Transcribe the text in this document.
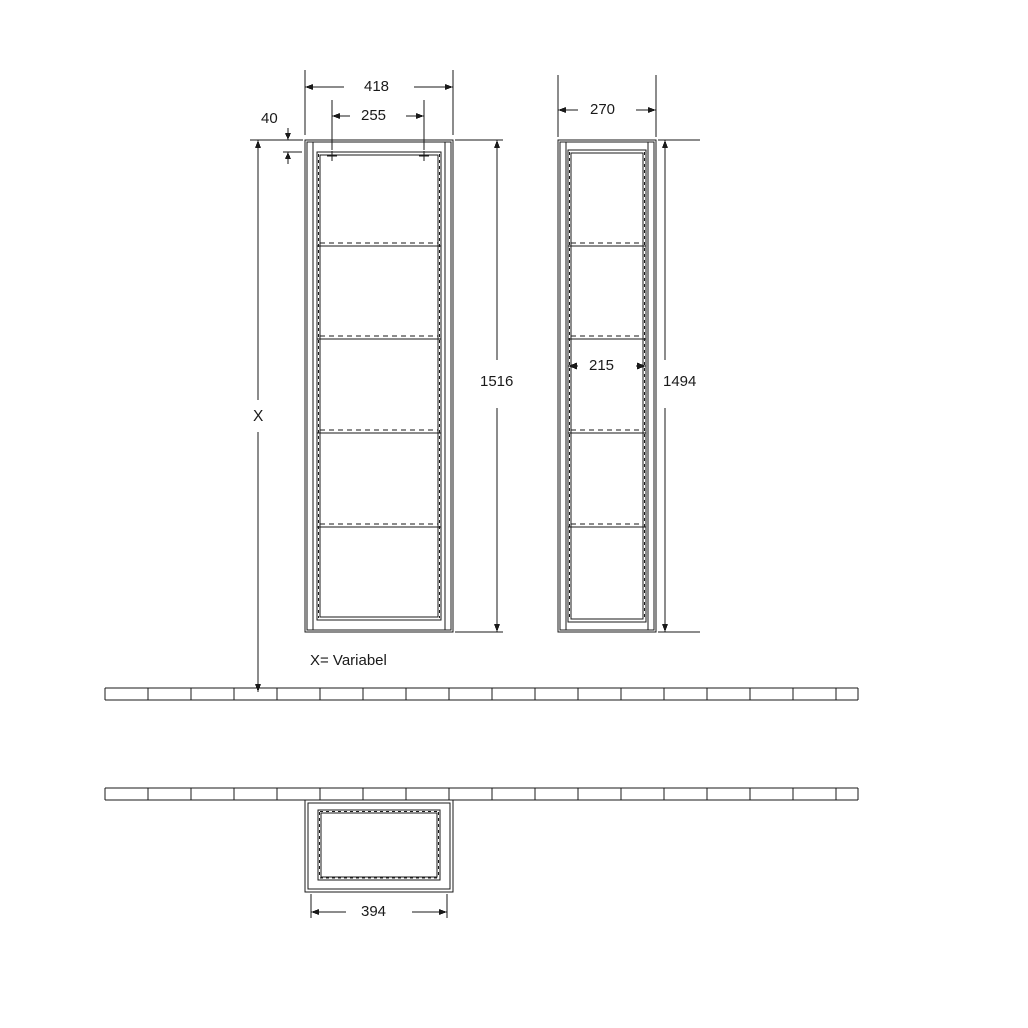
418
255
40
1516
X
270
215
1494
394
X= Variabel
